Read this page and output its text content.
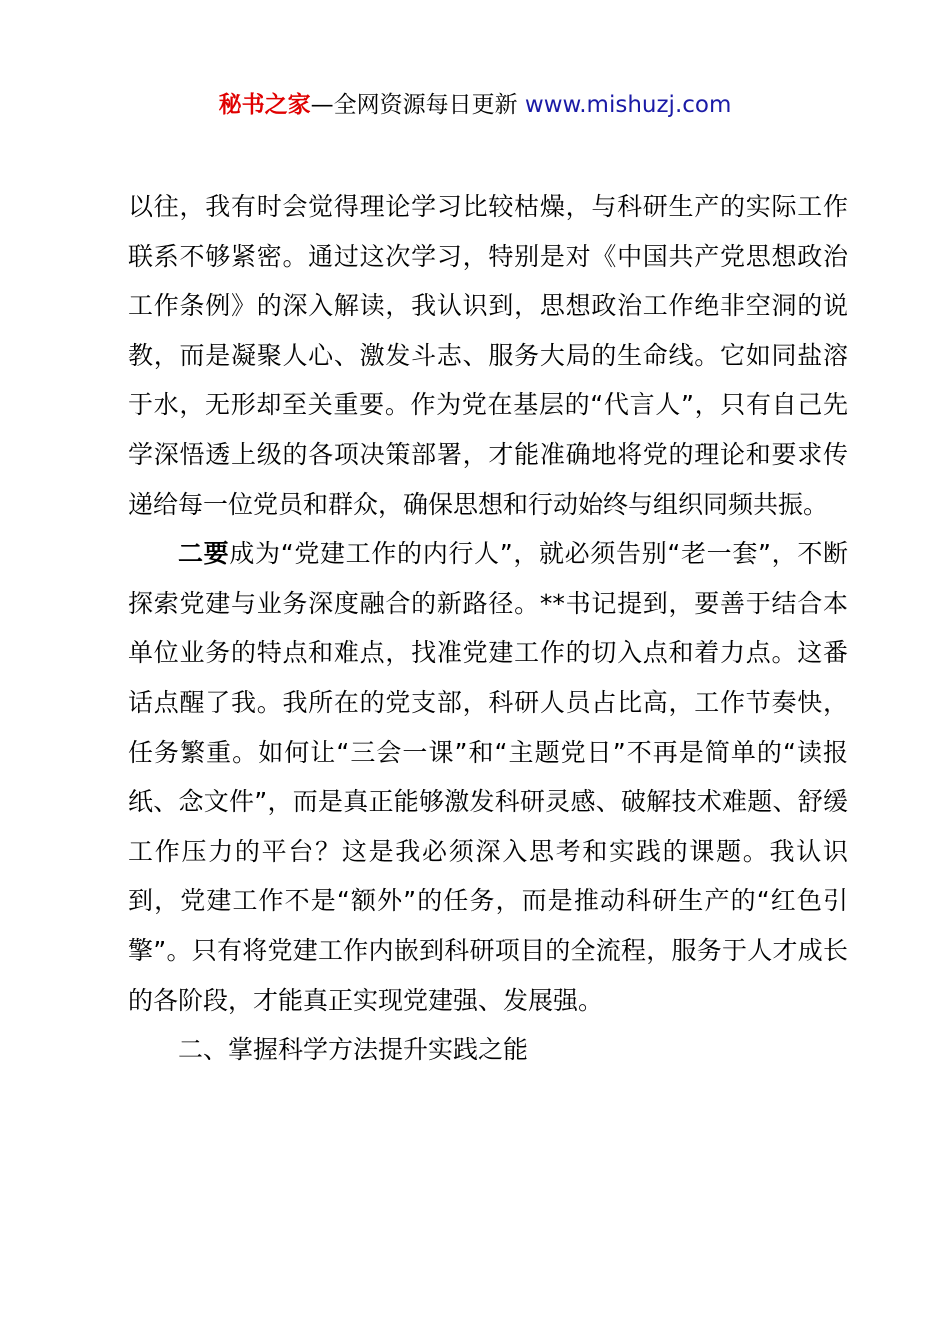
秘书之家—全网资源每日更新 www.mishuzj.com

以往，我有时会觉得理论学习比较枯燥，与科研生产的实际工作联系不够紧密。通过这次学习，特别是对《中国共产党思想政治工作条例》的深入解读，我认识到，思想政治工作绝非空洞的说教，而是凝聚人心、激发斗志、服务大局的生命线。它如同盐溶于水，无形却至关重要。作为党在基层的“代言人”，只有自己先学深悟透上级的各项决策部署，才能准确地将党的理论和要求传递给每一位党员和群众，确保思想和行动始终与组织同频共振。

二要成为“党建工作的内行人”，就必须告别“老一套”，不断探索党建与业务深度融合的新路径。**书记提到，要善于结合本单位业务的特点和难点，找准党建工作的切入点和着力点。这番话点醒了我。我所在的党支部，科研人员占比高，工作节奏快，任务繁重。如何让“三会一课”和“主题党日”不再是简单的“读报纸、念文件”，而是真正能够激发科研灵感、破解技术难题、舒缓工作压力的平台？这是我必须深入思考和实践的课题。我认识到，党建工作不是“额外”的任务，而是推动科研生产的“红色引擎”。只有将党建工作内嵌到科研项目的全流程，服务于人才成长的各阶段，才能真正实现党建强、发展强。

二、掌握科学方法提升实践之能
